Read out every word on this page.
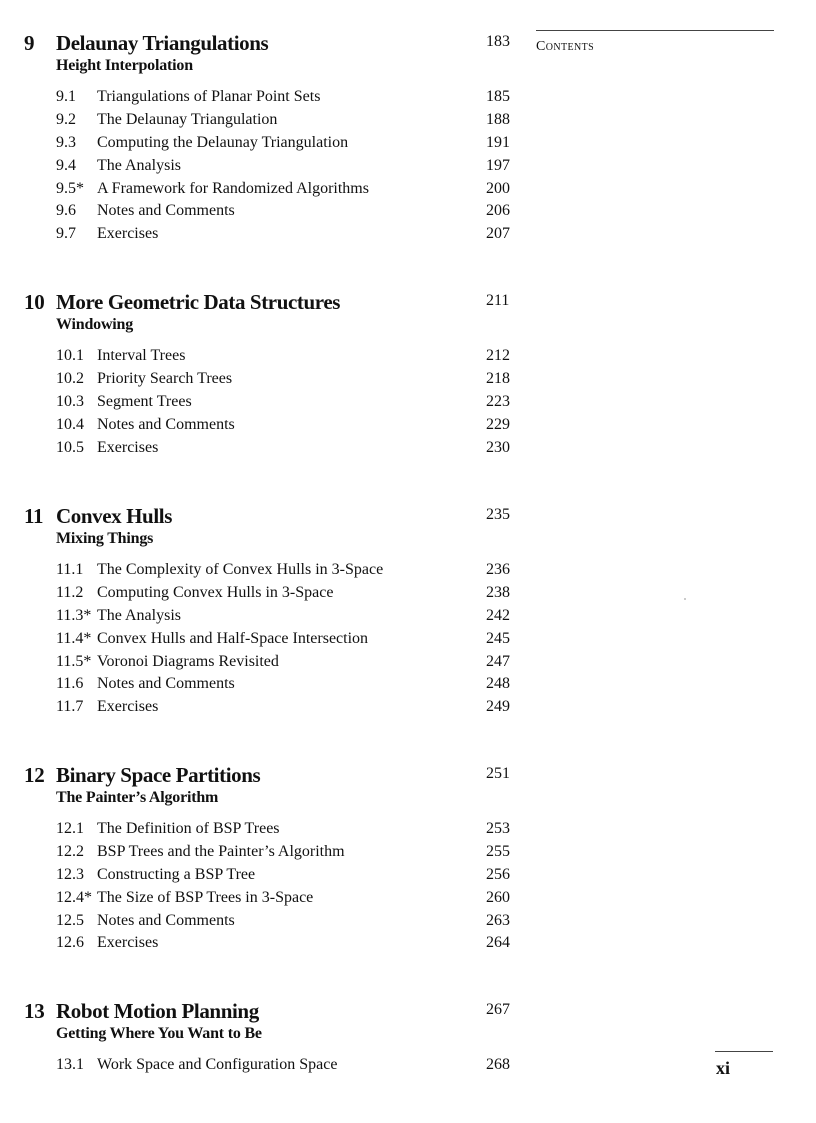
Contents
9 Delaunay Triangulations	183
Height Interpolation
9.1 Triangulations of Planar Point Sets	185
9.2 The Delaunay Triangulation	188
9.3 Computing the Delaunay Triangulation	191
9.4 The Analysis	197
9.5* A Framework for Randomized Algorithms	200
9.6 Notes and Comments	206
9.7 Exercises	207
10 More Geometric Data Structures	211
Windowing
10.1 Interval Trees	212
10.2 Priority Search Trees	218
10.3 Segment Trees	223
10.4 Notes and Comments	229
10.5 Exercises	230
11 Convex Hulls	235
Mixing Things
11.1 The Complexity of Convex Hulls in 3-Space	236
11.2 Computing Convex Hulls in 3-Space	238
11.3* The Analysis	242
11.4* Convex Hulls and Half-Space Intersection	245
11.5* Voronoi Diagrams Revisited	247
11.6 Notes and Comments	248
11.7 Exercises	249
12 Binary Space Partitions	251
The Painter’s Algorithm
12.1 The Definition of BSP Trees	253
12.2 BSP Trees and the Painter’s Algorithm	255
12.3 Constructing a BSP Tree	256
12.4* The Size of BSP Trees in 3-Space	260
12.5 Notes and Comments	263
12.6 Exercises	264
13 Robot Motion Planning	267
Getting Where You Want to Be
13.1 Work Space and Configuration Space	268	xi
